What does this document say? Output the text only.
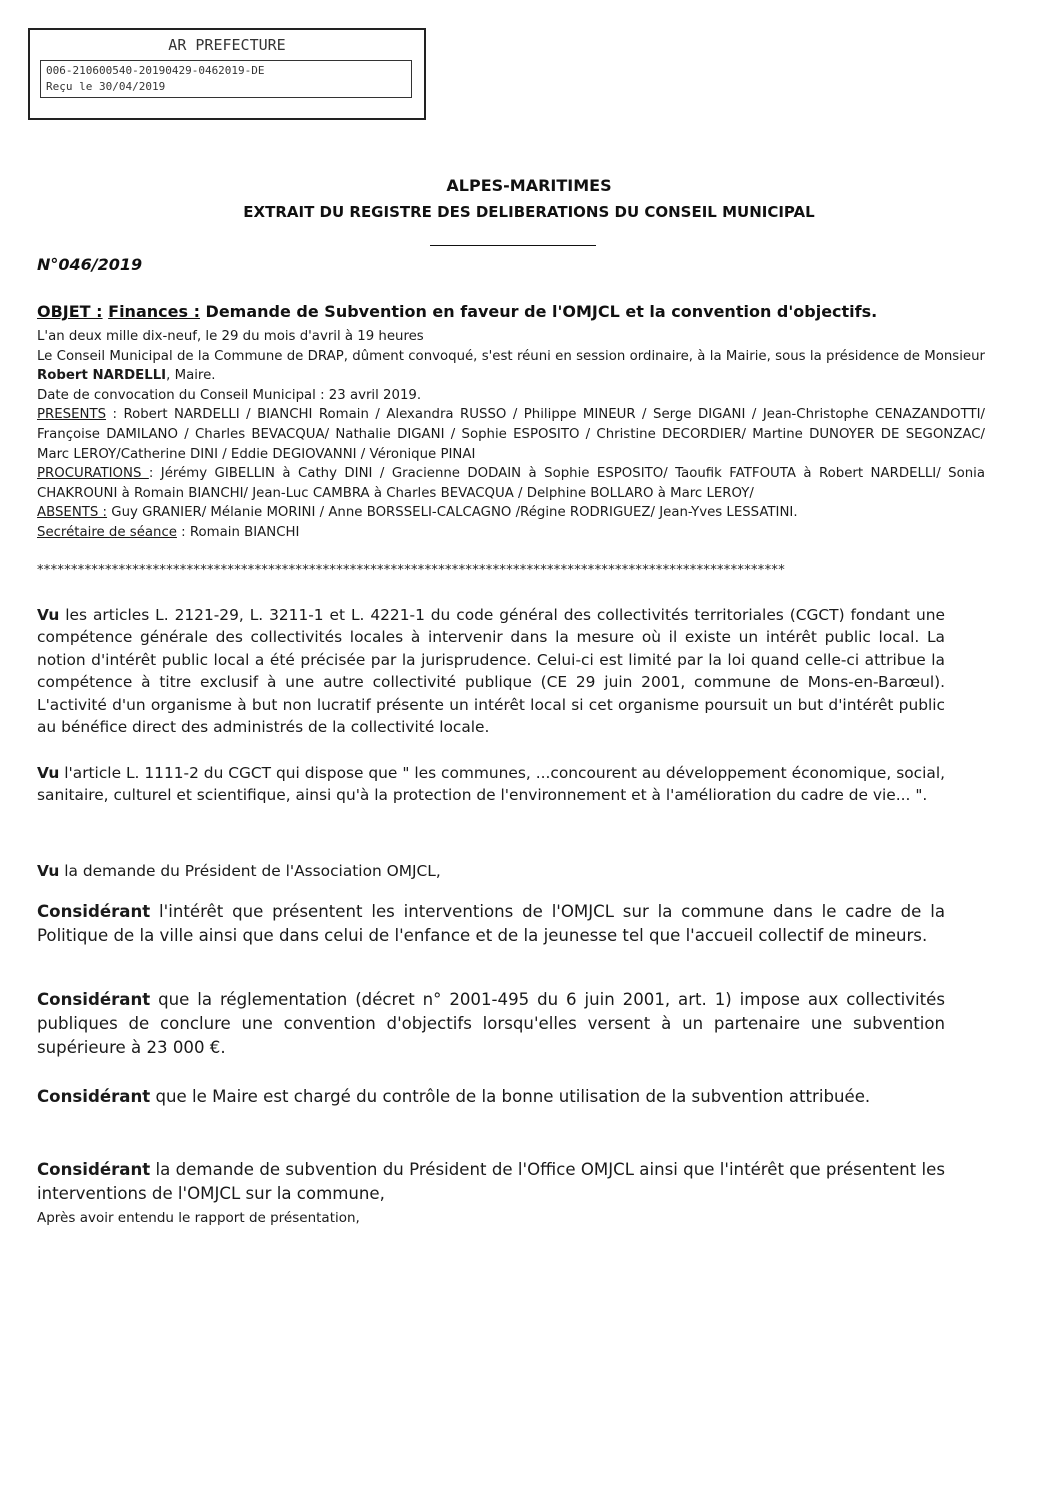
AR PREFECTURE
006-210600540-20190429-0462019-DE
Reçu le 30/04/2019
ALPES-MARITIMES
EXTRAIT DU REGISTRE DES DELIBERATIONS DU CONSEIL MUNICIPAL
N°046/2019
OBJET : Finances : Demande de Subvention en faveur de l'OMJCL et la convention d'objectifs.

L'an deux mille dix-neuf, le 29 du mois d'avril à 19 heures

Le Conseil Municipal de la Commune de DRAP, dûment convoqué, s'est réuni en session ordinaire, à la Mairie, sous la présidence de Monsieur Robert NARDELLI, Maire.

Date de convocation du Conseil Municipal : 23 avril 2019.

PRESENTS : Robert NARDELLI / BIANCHI Romain / Alexandra RUSSO / Philippe MINEUR / Serge DIGANI / Jean-Christophe CENAZANDOTTI/ Françoise DAMILANO / Charles BEVACQUA/ Nathalie DIGANI / Sophie ESPOSITO / Christine DECORDIER/ Martine DUNOYER DE SEGONZAC/ Marc LEROY/Catherine DINI / Eddie DEGIOVANNI / Véronique PINAI

PROCURATIONS : Jérémy GIBELLIN à Cathy DINI / Gracienne DODAIN à Sophie ESPOSITO/ Taoufik FATFOUTA à Robert NARDELLI/ Sonia CHAKROUNI à Romain BIANCHI/ Jean-Luc CAMBRA à Charles BEVACQUA / Delphine BOLLARO à Marc LEROY/

ABSENTS : Guy GRANIER/ Mélanie MORINI / Anne BORSSELI-CALCAGNO /Régine RODRIGUEZ/ Jean-Yves LESSATINI.

Secrétaire de séance : Romain BIANCHI

**************************************************************************************************************

Vu les articles L. 2121-29, L. 3211-1 et L. 4221-1 du code général des collectivités territoriales (CGCT) fondant une compétence générale des collectivités locales à intervenir dans la mesure où il existe un intérêt public local. La notion d'intérêt public local a été précisée par la jurisprudence. Celui-ci est limité par la loi quand celle-ci attribue la compétence à titre exclusif à une autre collectivité publique (CE 29 juin 2001, commune de Mons-en-Barœul). L'activité d'un organisme à but non lucratif présente un intérêt local si cet organisme poursuit un but d'intérêt public au bénéfice direct des administrés de la collectivité locale.

Vu l'article L. 1111-2 du CGCT qui dispose que " les communes, ...concourent au développement économique, social, sanitaire, culturel et scientifique, ainsi qu'à la protection de l'environnement et à l'amélioration du cadre de vie... ".

Vu la demande du Président de l'Association OMJCL,

Considérant l'intérêt que présentent les interventions de l'OMJCL sur la commune dans le cadre de la Politique de la ville ainsi que dans celui de l'enfance et de la jeunesse tel que l'accueil collectif de mineurs.

Considérant que la réglementation (décret n° 2001-495 du 6 juin 2001, art. 1) impose aux collectivités publiques de conclure une convention d'objectifs lorsqu'elles versent à un partenaire une subvention supérieure à 23 000 €.

Considérant que le Maire est chargé du contrôle de la bonne utilisation de la subvention attribuée.

Considérant la demande de subvention du Président de l'Office OMJCL ainsi que l'intérêt que présentent les interventions de l'OMJCL sur la commune,

Après avoir entendu le rapport de présentation,
